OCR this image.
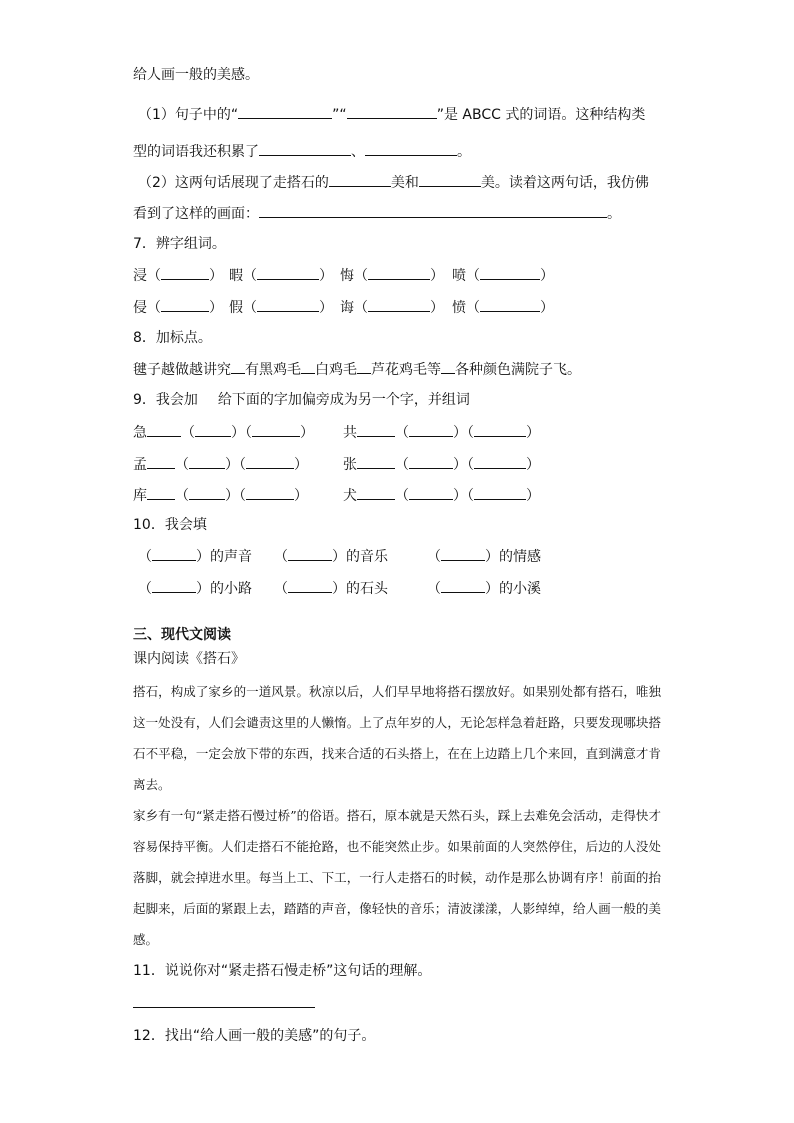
给人画一般的美感。
（1）句子中的“	”“	”是 ABCC 式的词语。这种结构类
型的词语我还积累了	、	。
（2）这两句话展现了走搭石的	美和	美。读着这两句话，我仿佛
看到了这样的画面：	。
7．辨字组词。
浸（	） 暇（	） 悔（	） 喷（	）
侵（	） 假（	） 诲（	） 愤（	）
8．加标点。
毽子越做越讲究 有黑鸡毛 白鸡毛 芦花鸡毛等 各种颜色满院子飞。
9．我会加 给下面的字加偏旁成为另一个字，并组词
急 （	）（	） 共	（	）（	）
孟 （	）（	）	张	（	）（	）
库 （	）（	）	犬	（	）（	）
10．我会填
（	）的声音 （	）的音乐	（	）的情感
（	）的小路 （	）的石头	（	）的小溪
三、现代文阅读
课内阅读《搭石》

搭石，构成了家乡的一道风景。秋凉以后，人们早早地将搭石摆放好。如果别处都有搭石，唯独这一处没有，人们会谴责这里的人懒惰。上了点年岁的人，无论怎样急着赶路，只要发现哪块搭石不平稳，一定会放下带的东西，找来合适的石头搭上，在在上边踏上几个来回，直到满意才肯离去。

家乡有一句“紧走搭石慢过桥”的俗语。搭石，原本就是天然石头，踩上去难免会活动，走得快才容易保持平衡。人们走搭石不能抢路，也不能突然止步。如果前面的人突然停住，后边的人没处落脚，就会掉进水里。每当上工、下工，一行人走搭石的时候，动作是那么协调有序！前面的抬起脚来，后面的紧跟上去，踏踏的声音，像轻快的音乐；清波漾漾，人影绰绰，给人画一般的美感。

11．说说你对“紧走搭石慢走桥”这句话的理解。
12．找出“给人画一般的美感”的句子。
